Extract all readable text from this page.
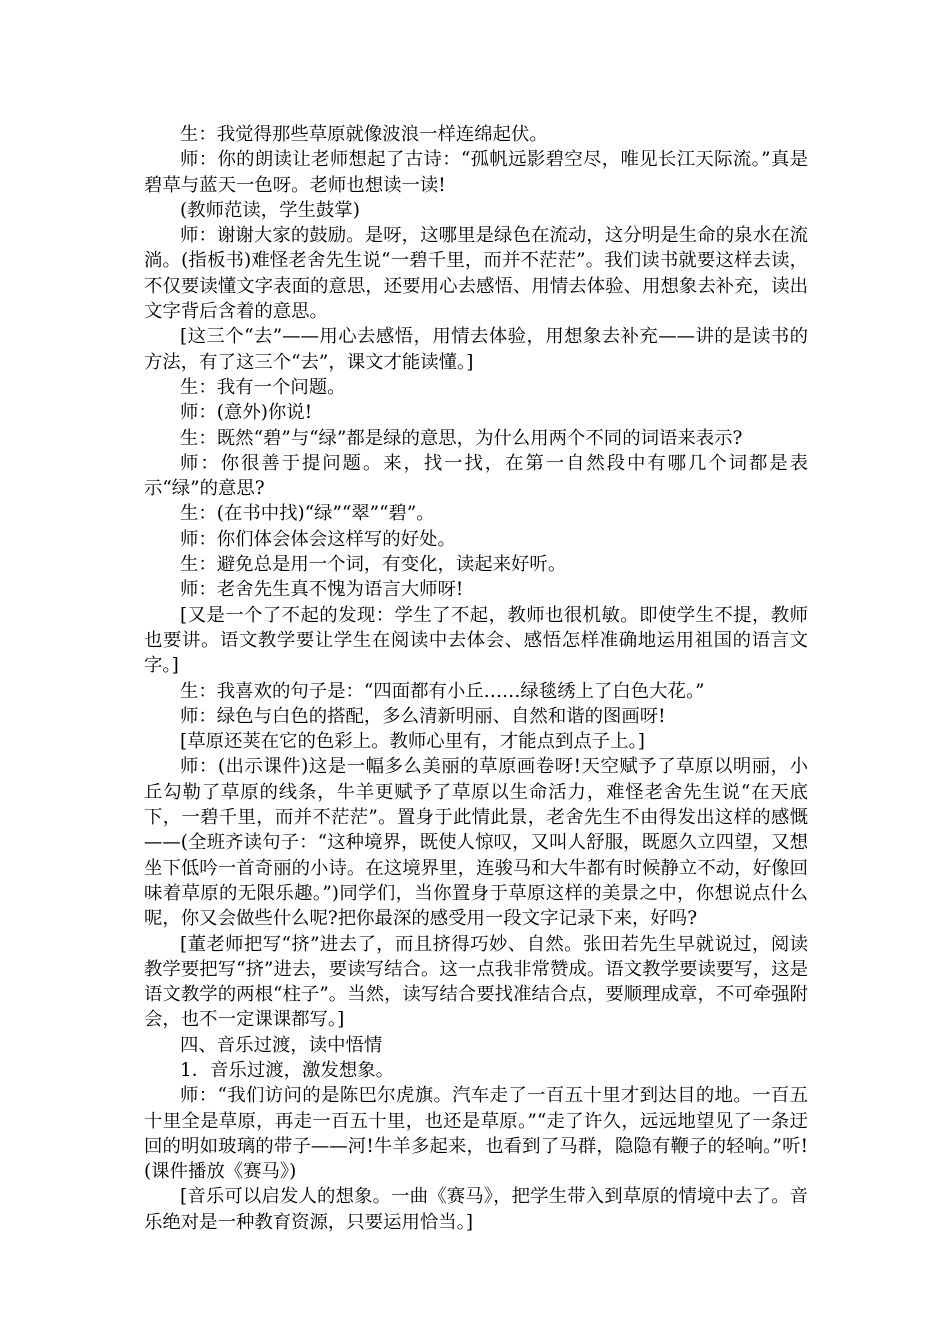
生：我觉得那些草原就像波浪一样连绵起伏。

师：你的朗读让老师想起了古诗：“孤帆远影碧空尽，唯见长江天际流。”真是碧草与蓝天一色呀。老师也想读一读!

(教师范读，学生鼓掌)

师：谢谢大家的鼓励。是呀，这哪里是绿色在流动，这分明是生命的泉水在流淌。(指板书)难怪老舍先生说“一碧千里，而并不茫茫”。我们读书就要这样去读，不仅要读懂文字表面的意思，还要用心去感悟、用情去体验、用想象去补充，读出文字背后含着的意思。

[这三个“去”——用心去感悟，用情去体验，用想象去补充——讲的是读书的方法，有了这三个“去”，课文才能读懂。]

生：我有一个问题。

师：(意外)你说!

生：既然“碧”与“绿”都是绿的意思，为什么用两个不同的词语来表示?

师：你很善于提问题。来，找一找，在第一自然段中有哪几个词都是表示“绿”的意思?

生：(在书中找)“绿”“翠”“碧”。

师：你们体会体会这样写的好处。

生：避免总是用一个词，有变化，读起来好听。

师：老舍先生真不愧为语言大师呀!

[又是一个了不起的发现：学生了不起，教师也很机敏。即使学生不提，教师也要讲。语文教学要让学生在阅读中去体会、感悟怎样准确地运用祖国的语言文字。]

生：我喜欢的句子是：“四面都有小丘……绿毯绣上了白色大花。”

师：绿色与白色的搭配，多么清新明丽、自然和谐的图画呀!

[草原还荚在它的色彩上。教师心里有，才能点到点子上。]

师：(出示课件)这是一幅多么美丽的草原画卷呀!天空赋予了草原以明丽，小丘勾勒了草原的线条，牛羊更赋予了草原以生命活力，难怪老舍先生说“在天底下，一碧千里，而并不茫茫”。置身于此情此景，老舍先生不由得发出这样的感慨——(全班齐读句子：“这种境界，既使人惊叹，又叫人舒服，既愿久立四望，又想坐下低吟一首奇丽的小诗。在这境界里，连骏马和大牛都有时候静立不动，好像回味着草原的无限乐趣。”)同学们，当你置身于草原这样的美景之中，你想说点什么呢，你又会做些什么呢?把你最深的感受用一段文字记录下来，好吗?

[董老师把写“挤”进去了，而且挤得巧妙、自然。张田若先生早就说过，阅读教学要把写“挤”进去，要读写结合。这一点我非常赞成。语文教学要读要写，这是语文教学的两根“柱子”。当然，读写结合要找准结合点，要顺理成章，不可牵强附会，也不一定课课都写。]

四、音乐过渡，读中悟情

1．音乐过渡，激发想象。

师：“我们访问的是陈巴尔虎旗。汽车走了一百五十里才到达目的地。一百五十里全是草原，再走一百五十里，也还是草原。”“走了许久，远远地望见了一条迂回的明如玻璃的带子——河!牛羊多起来，也看到了马群，隐隐有鞭子的轻响。”听!(课件播放《赛马》)

[音乐可以启发人的想象。一曲《赛马》，把学生带入到草原的情境中去了。音乐绝对是一种教育资源，只要运用恰当。]
